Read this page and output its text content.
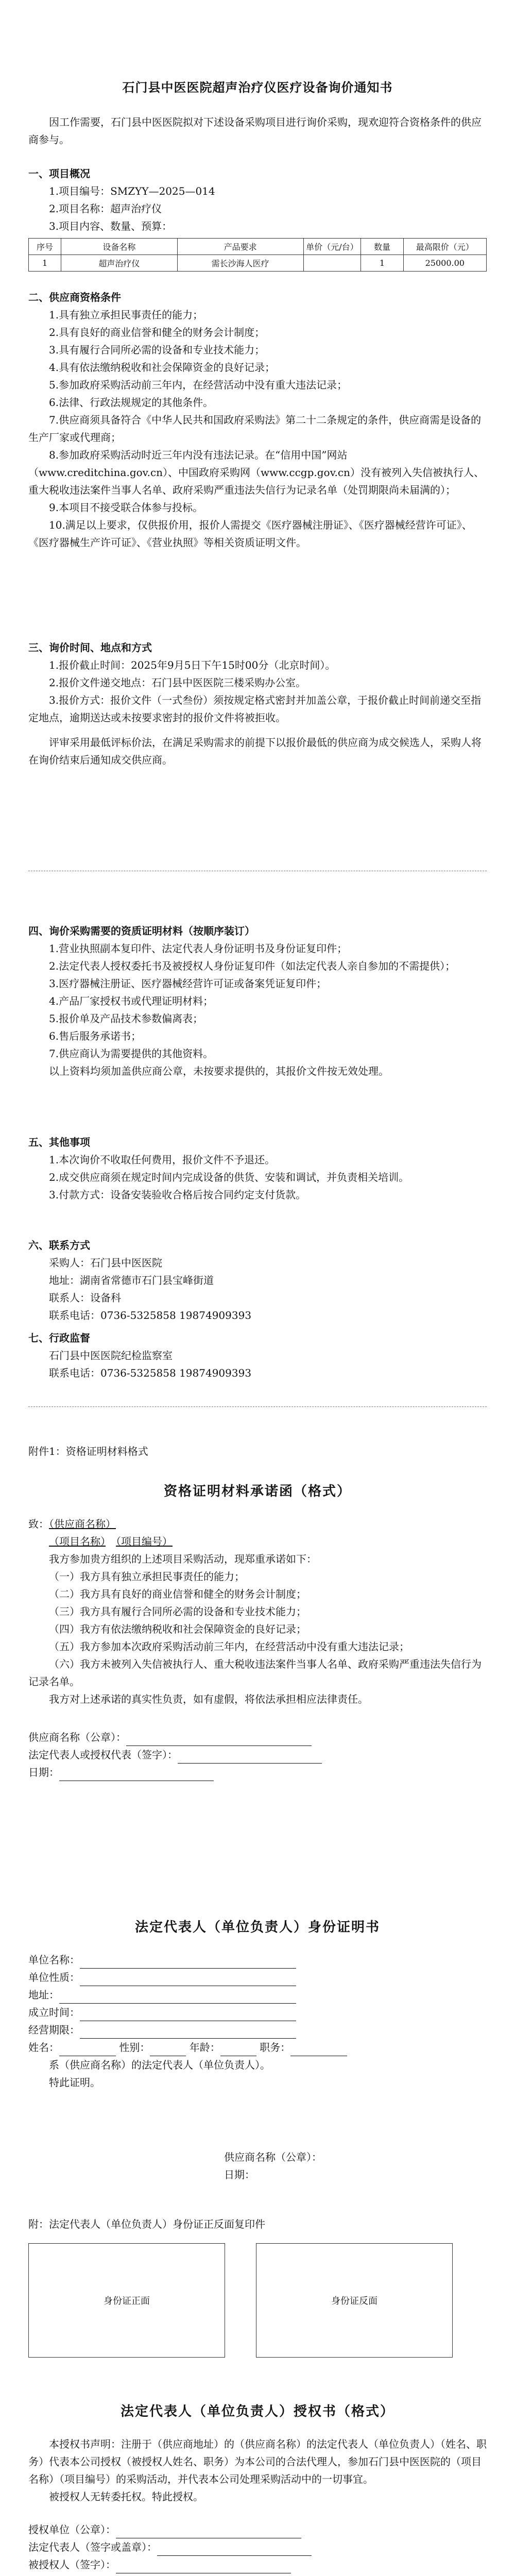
石门县中医医院超声治疗仪医疗设备询价通知书

因工作需要，石门县中医医院拟对下述设备采购项目进行询价采购，现欢迎符合资格条件的供应商参与。

一、项目概况

1.项目编号：SMZYY—2025—014

2.项目名称：超声治疗仪

3.项目内容、数量、预算：

序号	设备名称	产品要求	单价（元/台）	数量	最高限价（元）
1	超声治疗仪	需长沙海人医疗		1	25000.00

二、供应商资格条件

1.具有独立承担民事责任的能力；

2.具有良好的商业信誉和健全的财务会计制度；

3.具有履行合同所必需的设备和专业技术能力；

4.具有依法缴纳税收和社会保障资金的良好记录；

5.参加政府采购活动前三年内，在经营活动中没有重大违法记录；

6.法律、行政法规规定的其他条件。

7.供应商须具备符合《中华人民共和国政府采购法》第二十二条规定的条件，供应商需是设备的生产厂家或代理商；

8.参加政府采购活动时近三年内没有违法记录。在“信用中国”网站（www.creditchina.gov.cn）、中国政府采购网（www.ccgp.gov.cn）没有被列入失信被执行人、重大税收违法案件当事人名单、政府采购严重违法失信行为记录名单（处罚期限尚未届满的）；

9.本项目不接受联合体参与投标。

10.满足以上要求，仅供报价用，报价人需提交《医疗器械注册证》、《医疗器械经营许可证》、《医疗器械生产许可证》、《营业执照》等相关资质证明文件。

三、询价时间、地点和方式

1.报价截止时间：2025年9月5日下午15时00分（北京时间）。

2.报价文件递交地点：石门县中医医院三楼采购办公室。

3.报价方式：报价文件（一式叁份）须按规定格式密封并加盖公章，于报价截止时间前递交至指定地点，逾期送达或未按要求密封的报价文件将被拒收。

评审采用最低评标价法，在满足采购需求的前提下以报价最低的供应商为成交候选人，采购人将在询价结束后通知成交供应商。

四、询价采购需要的资质证明材料（按顺序装订）

1.营业执照副本复印件、法定代表人身份证明书及身份证复印件；

2.法定代表人授权委托书及被授权人身份证复印件（如法定代表人亲自参加的不需提供）；

3.医疗器械注册证、医疗器械经营许可证或备案凭证复印件；

4.产品厂家授权书或代理证明材料；

5.报价单及产品技术参数偏离表；

6.售后服务承诺书；

7.供应商认为需要提供的其他资料。

以上资料均须加盖供应商公章，未按要求提供的，其报价文件按无效处理。

五、其他事项

1.本次询价不收取任何费用，报价文件不予退还。

2.成交供应商须在规定时间内完成设备的供货、安装和调试，并负责相关培训。

3.付款方式：设备安装验收合格后按合同约定支付货款。

六、联系方式

采购人：石门县中医医院

地址：湖南省常德市石门县宝峰街道

联系人：设备科

联系电话：0736-5325858 19874909393

七、行政监督

石门县中医医院纪检监察室

联系电话：0736-5325858 19874909393

附件1：资格证明材料格式

资格证明材料承诺函（格式）

致：（供应商名称）

（项目名称）　 （项目编号）

我方参加贵方组织的上述项目采购活动，现郑重承诺如下：

（一）我方具有独立承担民事责任的能力；

（二）我方具有良好的商业信誉和健全的财务会计制度；

（三）我方具有履行合同所必需的设备和专业技术能力；

（四）我方有依法缴纳税收和社会保障资金的良好记录；

（五）我方参加本次政府采购活动前三年内，在经营活动中没有重大违法记录；

（六）我方未被列入失信被执行人、重大税收违法案件当事人名单、政府采购严重违法失信行为记录名单。

我方对上述承诺的真实性负责，如有虚假，将依法承担相应法律责任。

供应商名称（公章）：

法定代表人或授权代表（签字）：

日期：

法定代表人（单位负责人）身份证明书

单位名称：

单位性质：

地址：

成立时间：

经营期限：

姓名：	性别：	年龄：	职务：

系（供应商名称）的法定代表人（单位负责人）。

特此证明。

供应商名称（公章）：

日期：

附：法定代表人（单位负责人）身份证正反面复印件

身份证正面	身份证反面

法定代表人（单位负责人）授权书（格式）

本授权书声明：注册于（供应商地址）的（供应商名称）的法定代表人（单位负责人）（姓名、职务）代表本公司授权（被授权人姓名、职务）为本公司的合法代理人，参加石门县中医医院的（项目名称）（项目编号）的采购活动，并代表本公司处理采购活动中的一切事宜。

被授权人无转委托权。特此授权。

授权单位（公章）：

法定代表人（签字或盖章）：

被授权人（签字）：
